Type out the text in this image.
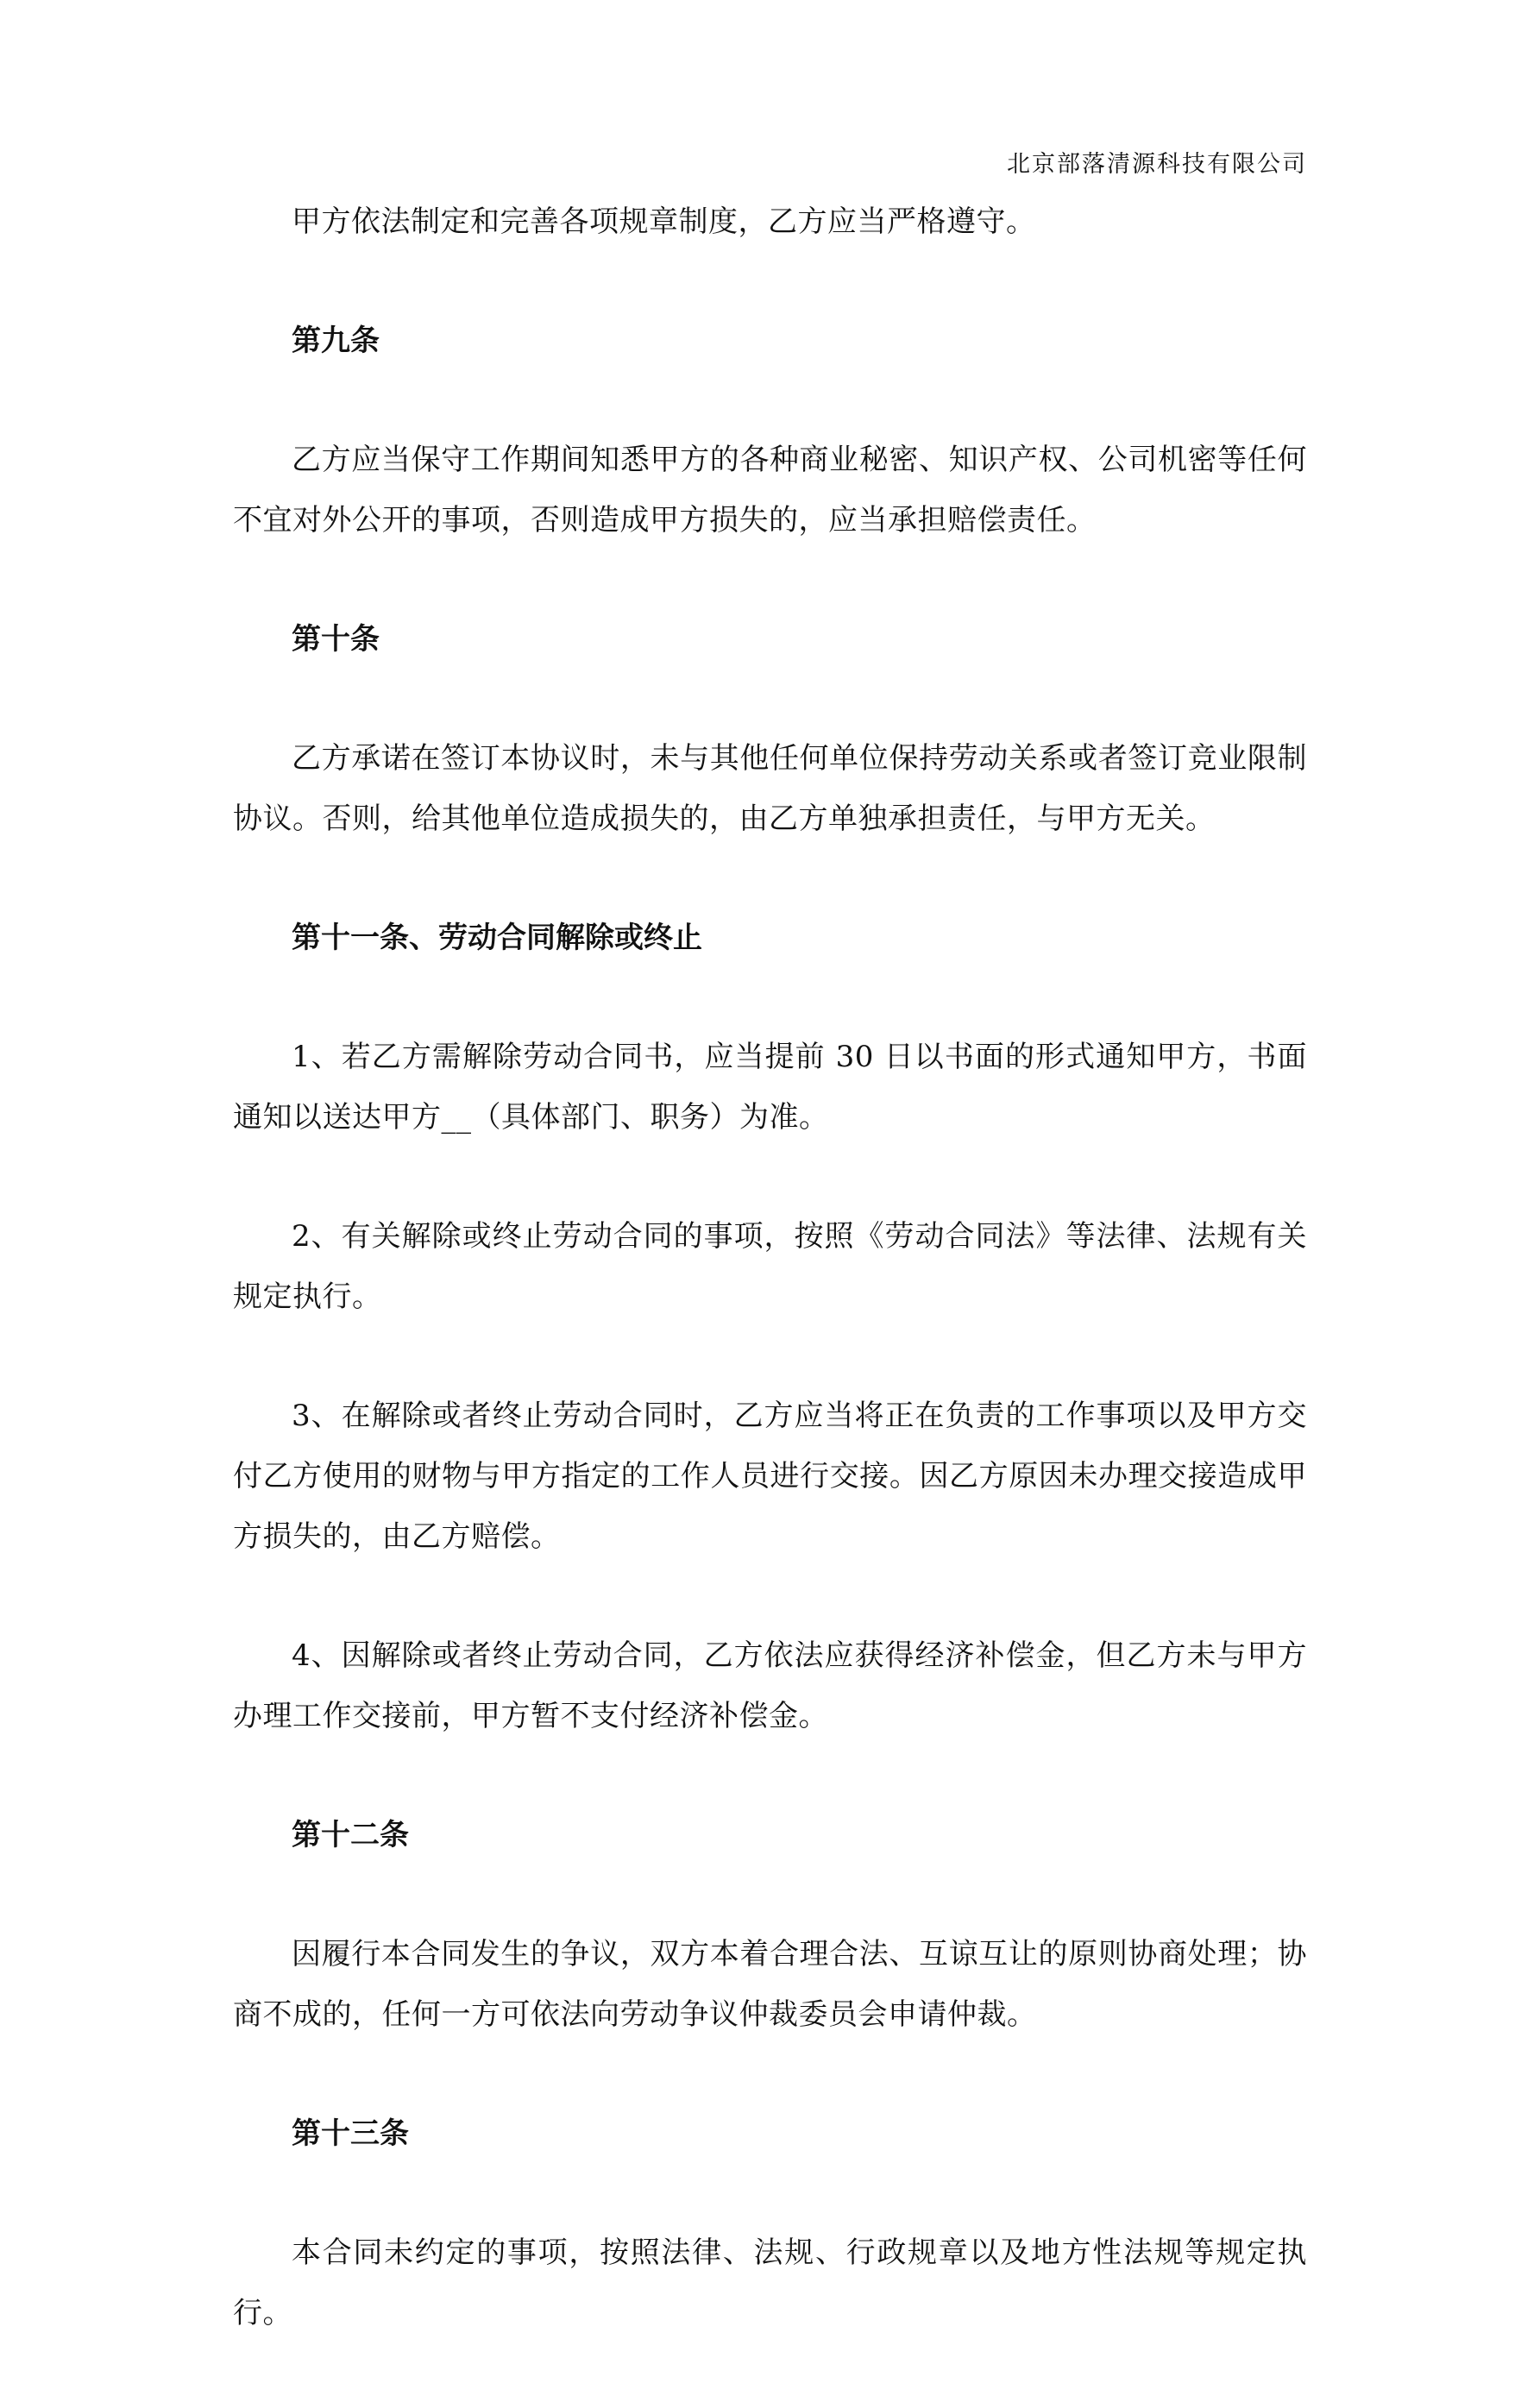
北京部落清源科技有限公司

甲方依法制定和完善各项规章制度，乙方应当严格遵守。

第九条

乙方应当保守工作期间知悉甲方的各种商业秘密、知识产权、公司机密等任何不宜对外公开的事项，否则造成甲方损失的，应当承担赔偿责任。

第十条

乙方承诺在签订本协议时，未与其他任何单位保持劳动关系或者签订竞业限制协议。否则，给其他单位造成损失的，由乙方单独承担责任，与甲方无关。

第十一条、劳动合同解除或终止

1、若乙方需解除劳动合同书，应当提前 30 日以书面的形式通知甲方，书面通知以送达甲方__（具体部门、职务）为准。

2、有关解除或终止劳动合同的事项，按照《劳动合同法》等法律、法规有关规定执行。

3、在解除或者终止劳动合同时，乙方应当将正在负责的工作事项以及甲方交付乙方使用的财物与甲方指定的工作人员进行交接。因乙方原因未办理交接造成甲方损失的，由乙方赔偿。

4、因解除或者终止劳动合同，乙方依法应获得经济补偿金，但乙方未与甲方办理工作交接前，甲方暂不支付经济补偿金。

第十二条

因履行本合同发生的争议，双方本着合理合法、互谅互让的原则协商处理；协商不成的，任何一方可依法向劳动争议仲裁委员会申请仲裁。

第十三条

本合同未约定的事项，按照法律、法规、行政规章以及地方性法规等规定执行。
